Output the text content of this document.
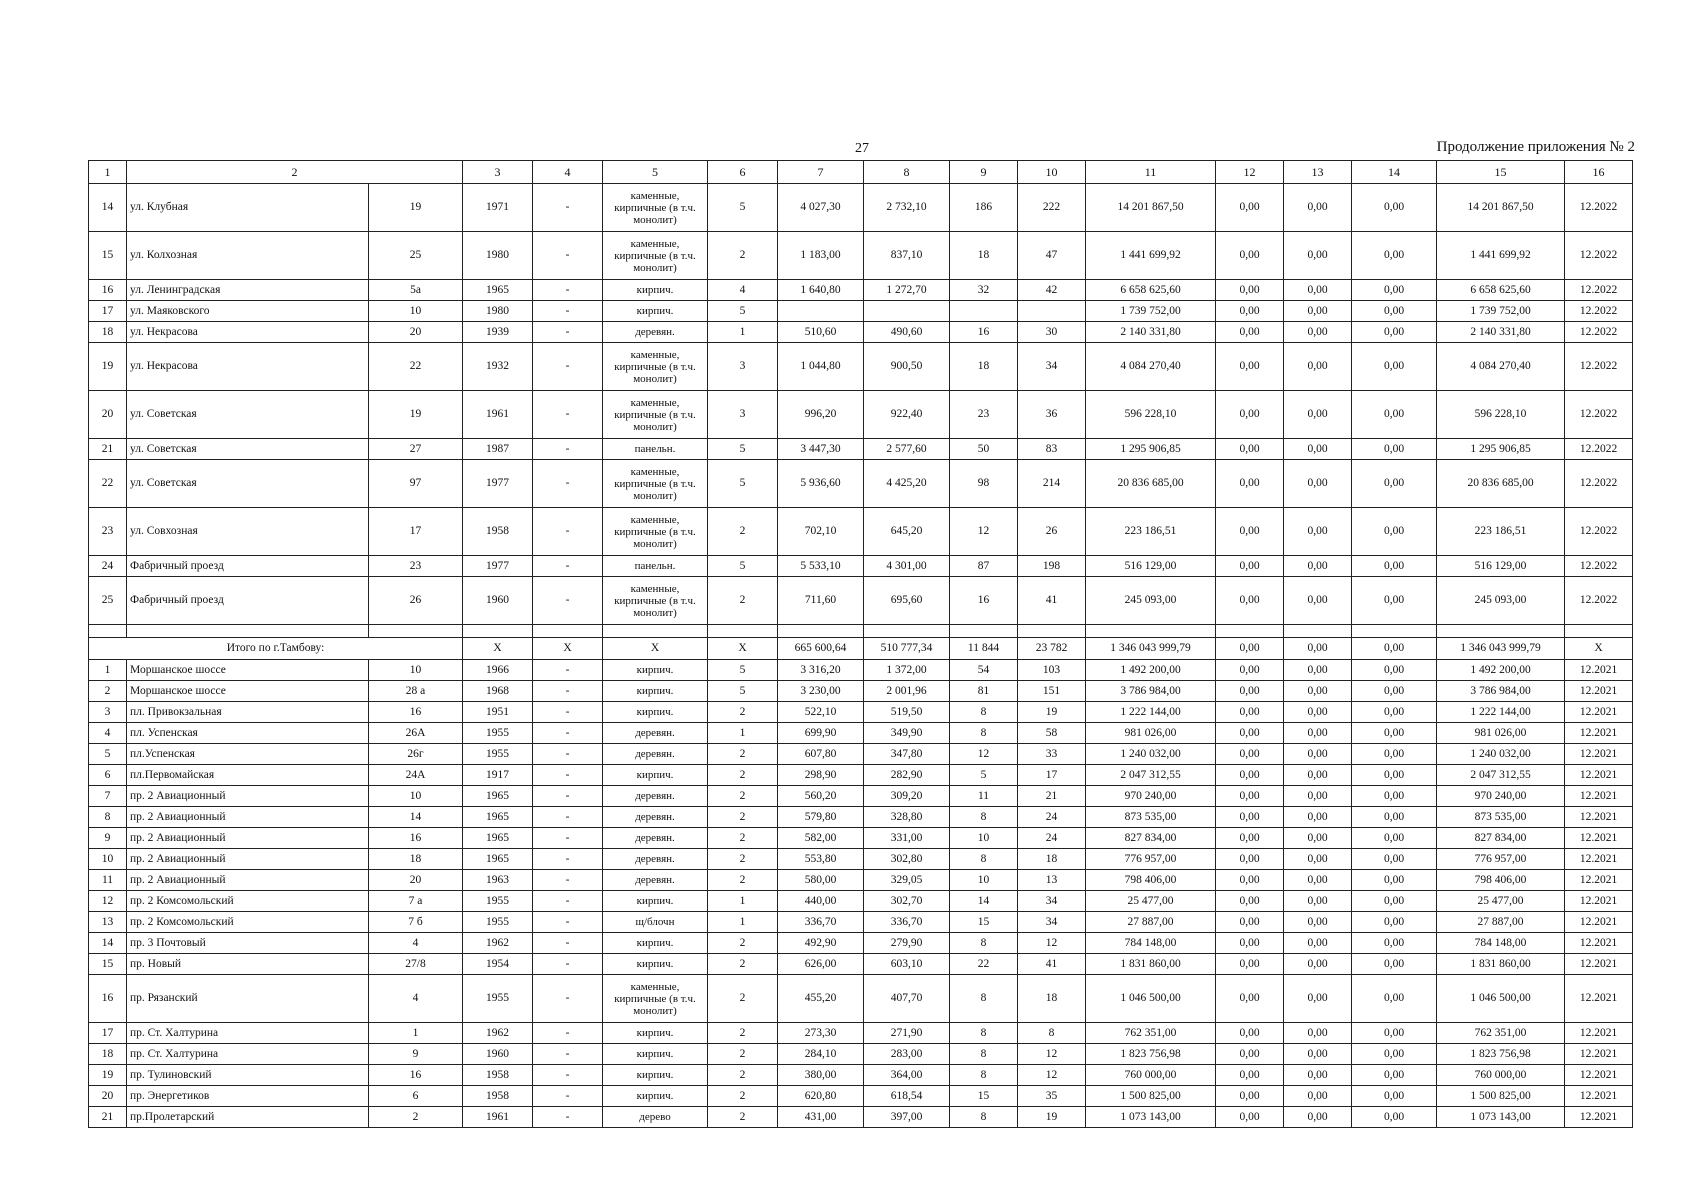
27	Продолжение приложения № 2
1	2		3	4	5	6	7	8	9	10	11	12	13	14	15	16
14	ул. Клубная	19	1971	-	каменные, кирпичные (в т.ч. монолит)	5	4 027,30	2 732,10	186	222	14 201 867,50	0,00	0,00	0,00	14 201 867,50	12.2022
15	ул. Колхозная	25	1980	-	каменные, кирпичные (в т.ч. монолит)	2	1 183,00	837,10	18	47	1 441 699,92	0,00	0,00	0,00	1 441 699,92	12.2022
16	ул. Ленинградская	5а	1965	-	кирпич.	4	1 640,80	1 272,70	32	42	6 658 625,60	0,00	0,00	0,00	6 658 625,60	12.2022
17	ул. Маяковского	10	1980	-	кирпич.	5					1 739 752,00	0,00	0,00	0,00	1 739 752,00	12.2022
18	ул. Некрасова	20	1939	-	деревян.	1	510,60	490,60	16	30	2 140 331,80	0,00	0,00	0,00	2 140 331,80	12.2022
19	ул. Некрасова	22	1932	-	каменные, кирпичные (в т.ч. монолит)	3	1 044,80	900,50	18	34	4 084 270,40	0,00	0,00	0,00	4 084 270,40	12.2022
20	ул. Советская	19	1961	-	каменные, кирпичные (в т.ч. монолит)	3	996,20	922,40	23	36	596 228,10	0,00	0,00	0,00	596 228,10	12.2022
21	ул. Советская	27	1987	-	панельн.	5	3 447,30	2 577,60	50	83	1 295 906,85	0,00	0,00	0,00	1 295 906,85	12.2022
22	ул. Советская	97	1977	-	каменные, кирпичные (в т.ч. монолит)	5	5 936,60	4 425,20	98	214	20 836 685,00	0,00	0,00	0,00	20 836 685,00	12.2022
23	ул. Совхозная	17	1958	-	каменные, кирпичные (в т.ч. монолит)	2	702,10	645,20	12	26	223 186,51	0,00	0,00	0,00	223 186,51	12.2022
24	Фабричный проезд	23	1977	-	панельн.	5	5 533,10	4 301,00	87	198	516 129,00	0,00	0,00	0,00	516 129,00	12.2022
25	Фабричный проезд	26	1960	-	каменные, кирпичные (в т.ч. монолит)	2	711,60	695,60	16	41	245 093,00	0,00	0,00	0,00	245 093,00	12.2022

Итого по г.Тамбову:			Х	Х	Х	Х	665 600,64	510 777,34	11 844	23 782	1 346 043 999,79	0,00	0,00	0,00	1 346 043 999,79	Х
1	Моршанское шоссе	10	1966	-	кирпич.	5	3 316,20	1 372,00	54	103	1 492 200,00	0,00	0,00	0,00	1 492 200,00	12.2021
2	Моршанское шоссе	28 а	1968	-	кирпич.	5	3 230,00	2 001,96	81	151	3 786 984,00	0,00	0,00	0,00	3 786 984,00	12.2021
3	пл. Привокзальная	16	1951	-	кирпич.	2	522,10	519,50	8	19	1 222 144,00	0,00	0,00	0,00	1 222 144,00	12.2021
4	пл. Успенская	26А	1955	-	деревян.	1	699,90	349,90	8	58	981 026,00	0,00	0,00	0,00	981 026,00	12.2021
5	пл.Успенская	26г	1955	-	деревян.	2	607,80	347,80	12	33	1 240 032,00	0,00	0,00	0,00	1 240 032,00	12.2021
6	пл.Первомайская	24А	1917	-	кирпич.	2	298,90	282,90	5	17	2 047 312,55	0,00	0,00	0,00	2 047 312,55	12.2021
7	пр. 2 Авиационный	10	1965	-	деревян.	2	560,20	309,20	11	21	970 240,00	0,00	0,00	0,00	970 240,00	12.2021
8	пр. 2 Авиационный	14	1965	-	деревян.	2	579,80	328,80	8	24	873 535,00	0,00	0,00	0,00	873 535,00	12.2021
9	пр. 2 Авиационный	16	1965	-	деревян.	2	582,00	331,00	10	24	827 834,00	0,00	0,00	0,00	827 834,00	12.2021
10	пр. 2 Авиационный	18	1965	-	деревян.	2	553,80	302,80	8	18	776 957,00	0,00	0,00	0,00	776 957,00	12.2021
11	пр. 2 Авиационный	20	1963	-	деревян.	2	580,00	329,05	10	13	798 406,00	0,00	0,00	0,00	798 406,00	12.2021
12	пр. 2 Комсомольский	7 а	1955	-	кирпич.	1	440,00	302,70	14	34	25 477,00	0,00	0,00	0,00	25 477,00	12.2021
13	пр. 2 Комсомольский	7 б	1955	-	щ/блочн	1	336,70	336,70	15	34	27 887,00	0,00	0,00	0,00	27 887,00	12.2021
14	пр. 3 Почтовый	4	1962	-	кирпич.	2	492,90	279,90	8	12	784 148,00	0,00	0,00	0,00	784 148,00	12.2021
15	пр. Новый	27/8	1954	-	кирпич.	2	626,00	603,10	22	41	1 831 860,00	0,00	0,00	0,00	1 831 860,00	12.2021
16	пр. Рязанский	4	1955	-	каменные, кирпичные (в т.ч. монолит)	2	455,20	407,70	8	18	1 046 500,00	0,00	0,00	0,00	1 046 500,00	12.2021
17	пр. Ст. Халтурина	1	1962	-	кирпич.	2	273,30	271,90	8	8	762 351,00	0,00	0,00	0,00	762 351,00	12.2021
18	пр. Ст. Халтурина	9	1960	-	кирпич.	2	284,10	283,00	8	12	1 823 756,98	0,00	0,00	0,00	1 823 756,98	12.2021
19	пр. Тулиновский	16	1958	-	кирпич.	2	380,00	364,00	8	12	760 000,00	0,00	0,00	0,00	760 000,00	12.2021
20	пр. Энергетиков	6	1958	-	кирпич.	2	620,80	618,54	15	35	1 500 825,00	0,00	0,00	0,00	1 500 825,00	12.2021
21	пр.Пролетарский	2	1961	-	дерево	2	431,00	397,00	8	19	1 073 143,00	0,00	0,00	0,00	1 073 143,00	12.2021
